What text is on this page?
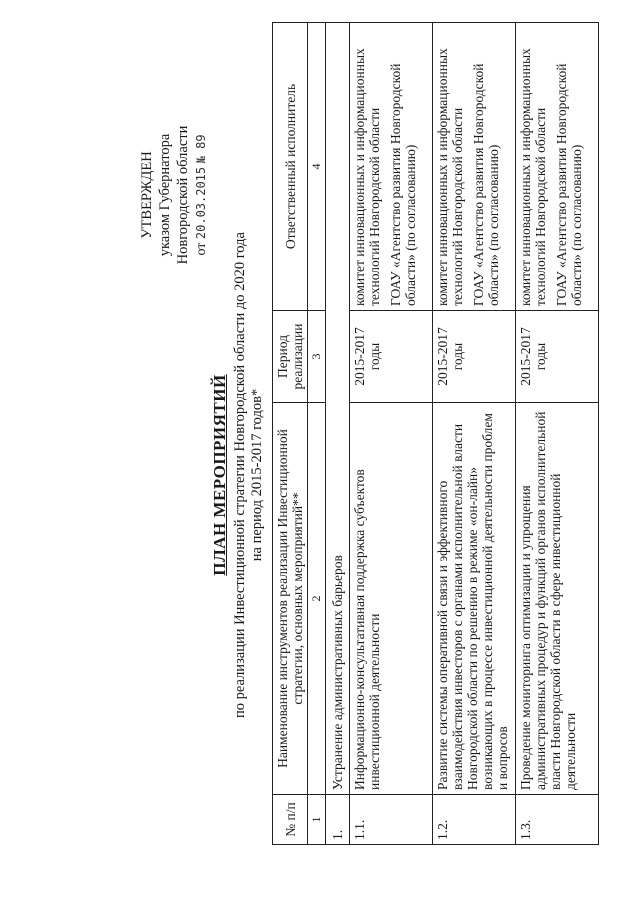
УТВЕРЖДЕН указом Губернатора Новгородской области от 20.03.2015 № 89
ПЛАН МЕРОПРИЯТИЙ по реализации Инвестиционной стратегии Новгородской области до 2020 года на период 2015-2017 годов*
№ п/п	Наименование инструментов реализации Инвестиционной стратегии, основных мероприятий**	Период реализации	Ответственный исполнитель
1	2	3	4
1.	Устранение административных барьеров		
1.1.	Информационно-консультативная поддержка субъектов инвестиционной деятельности	2015-2017 годы	комитет инновационных и информационных технологий Новгородской области ГОАУ «Агентство развития Новгородской области» (по согласованию)

1.2.	Развитие системы оперативной связи и эффективного взаимодействия инвесторов с органами исполнительной власти Новгородской области по решению в режиме «он-лайн» возникающих в процессе инвестиционной деятельности проблем и вопросов	2015-2017 годы	комитет инновационных и информационных технологий Новгородской области ГОАУ «Агентство развития Новгородской области» (по согласованию)

1.3.	Проведение мониторинга оптимизации и упрощения административных процедур и функций органов исполнительной власти Новгородской области в сфере инвестиционной деятельности	2015-2017 годы	комитет инновационных и информационных технологий Новгородской области ГОАУ «Агентство развития Новгородской области» (по согласованию)
